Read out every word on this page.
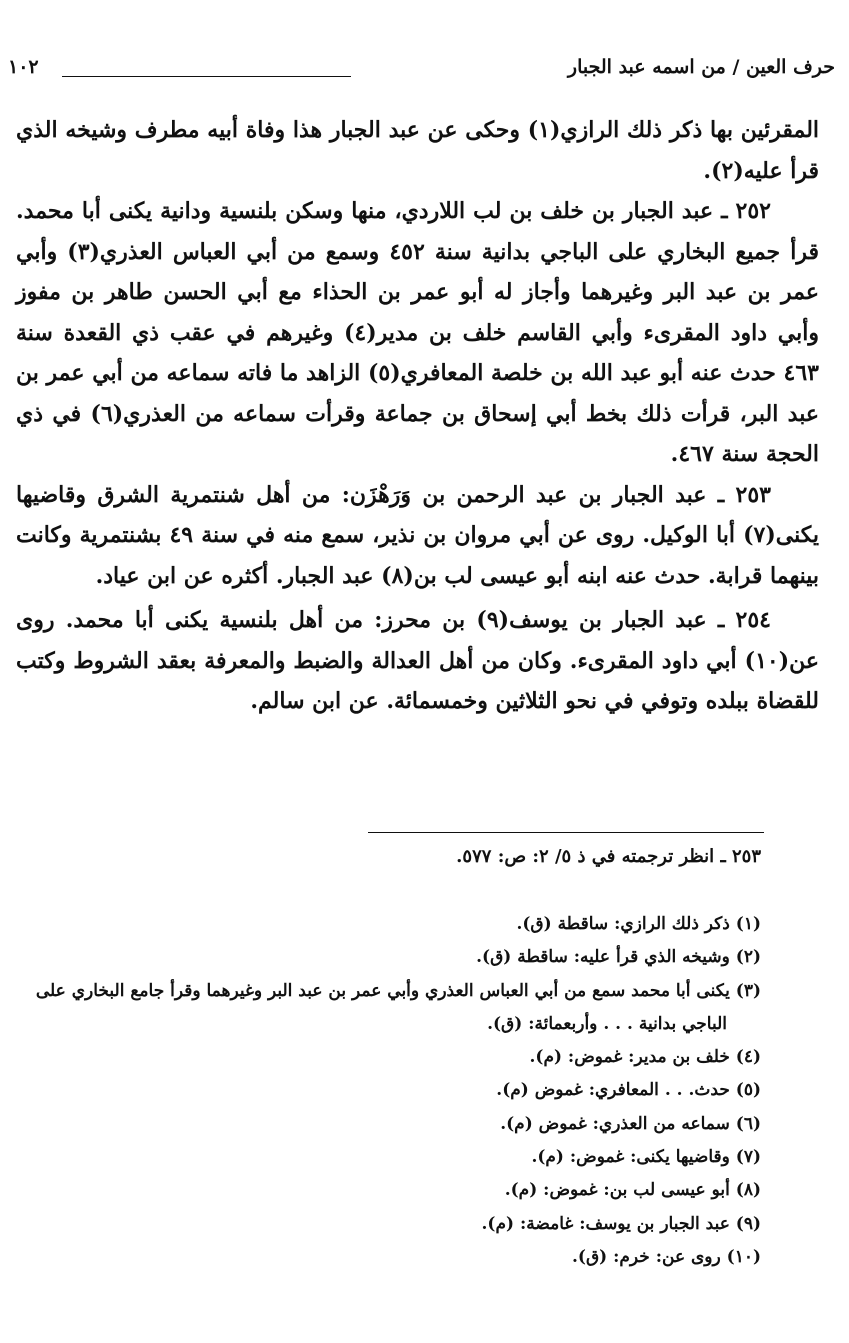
١٠٢	حرف العين / من اسمه عبد الجبار

المقرئين بها ذكر ذلك الرازي(١) وحكى عن عبد الجبار هذا وفاة أبيه مطرف وشيخه الذي قرأ عليه(٢).

٢٥٢ ـ عبد الجبار بن خلف بن لب اللاردي، منها وسكن بلنسية ودانية يكنى أبا محمد. قرأ جميع البخاري على الباجي بدانية سنة ٤٥٢ وسمع من أبي العباس العذري(٣) وأبي عمر بن عبد البر وغيرهما وأجاز له أبو عمر بن الحذاء مع أبي الحسن طاهر بن مفوز وأبي داود المقرىء وأبي القاسم خلف بن مدير(٤) وغيرهم في عقب ذي القعدة سنة ٤٦٣ حدث عنه أبو عبد الله بن خلصة المعافري(٥) الزاهد ما فاته سماعه من أبي عمر بن عبد البر، قرأت ذلك بخط أبي إسحاق بن جماعة وقرأت سماعه من العذري(٦) في ذي الحجة سنة ٤٦٧.

٢٥٣ ـ عبد الجبار بن عبد الرحمن بن وَرَهْزَن: من أهل شنتمرية الشرق وقاضيها يكنى(٧) أبا الوكيل. روى عن أبي مروان بن نذير، سمع منه في سنة ٤٩ بشنتمرية وكانت بينهما قرابة. حدث عنه ابنه أبو عيسى لب بن(٨) عبد الجبار. أكثره عن ابن عياد.

٢٥٤ ـ عبد الجبار بن يوسف(٩) بن محرز: من أهل بلنسية يكنى أبا محمد. روى عن(١٠) أبي داود المقرىء. وكان من أهل العدالة والضبط والمعرفة بعقد الشروط وكتب للقضاة ببلده وتوفي في نحو الثلاثين وخمسمائة. عن ابن سالم.

٢٥٣ ـ انظر ترجمته في ذ ٥/ ٢: ص: ٥٧٧.
(١) ذكر ذلك الرازي: ساقطة (ق).
(٢) وشيخه الذي قرأ عليه: ساقطة (ق).
(٣) يكنى أبا محمد سمع من أبي العباس العذري وأبي عمر بن عبد البر وغيرهما وقرأ جامع البخاري على
الباجي بدانية . . . وأربعمائة: (ق).
(٤) خلف بن مدير: غموض: (م).
(٥) حدث. . . المعافري: غموض (م).
(٦) سماعه من العذري: غموض (م).
(٧) وقاضيها يكنى: غموض: (م).
(٨) أبو عيسى لب بن: غموض: (م).
(٩) عبد الجبار بن يوسف: غامضة: (م).
(١٠) روى عن: خرم: (ق).
